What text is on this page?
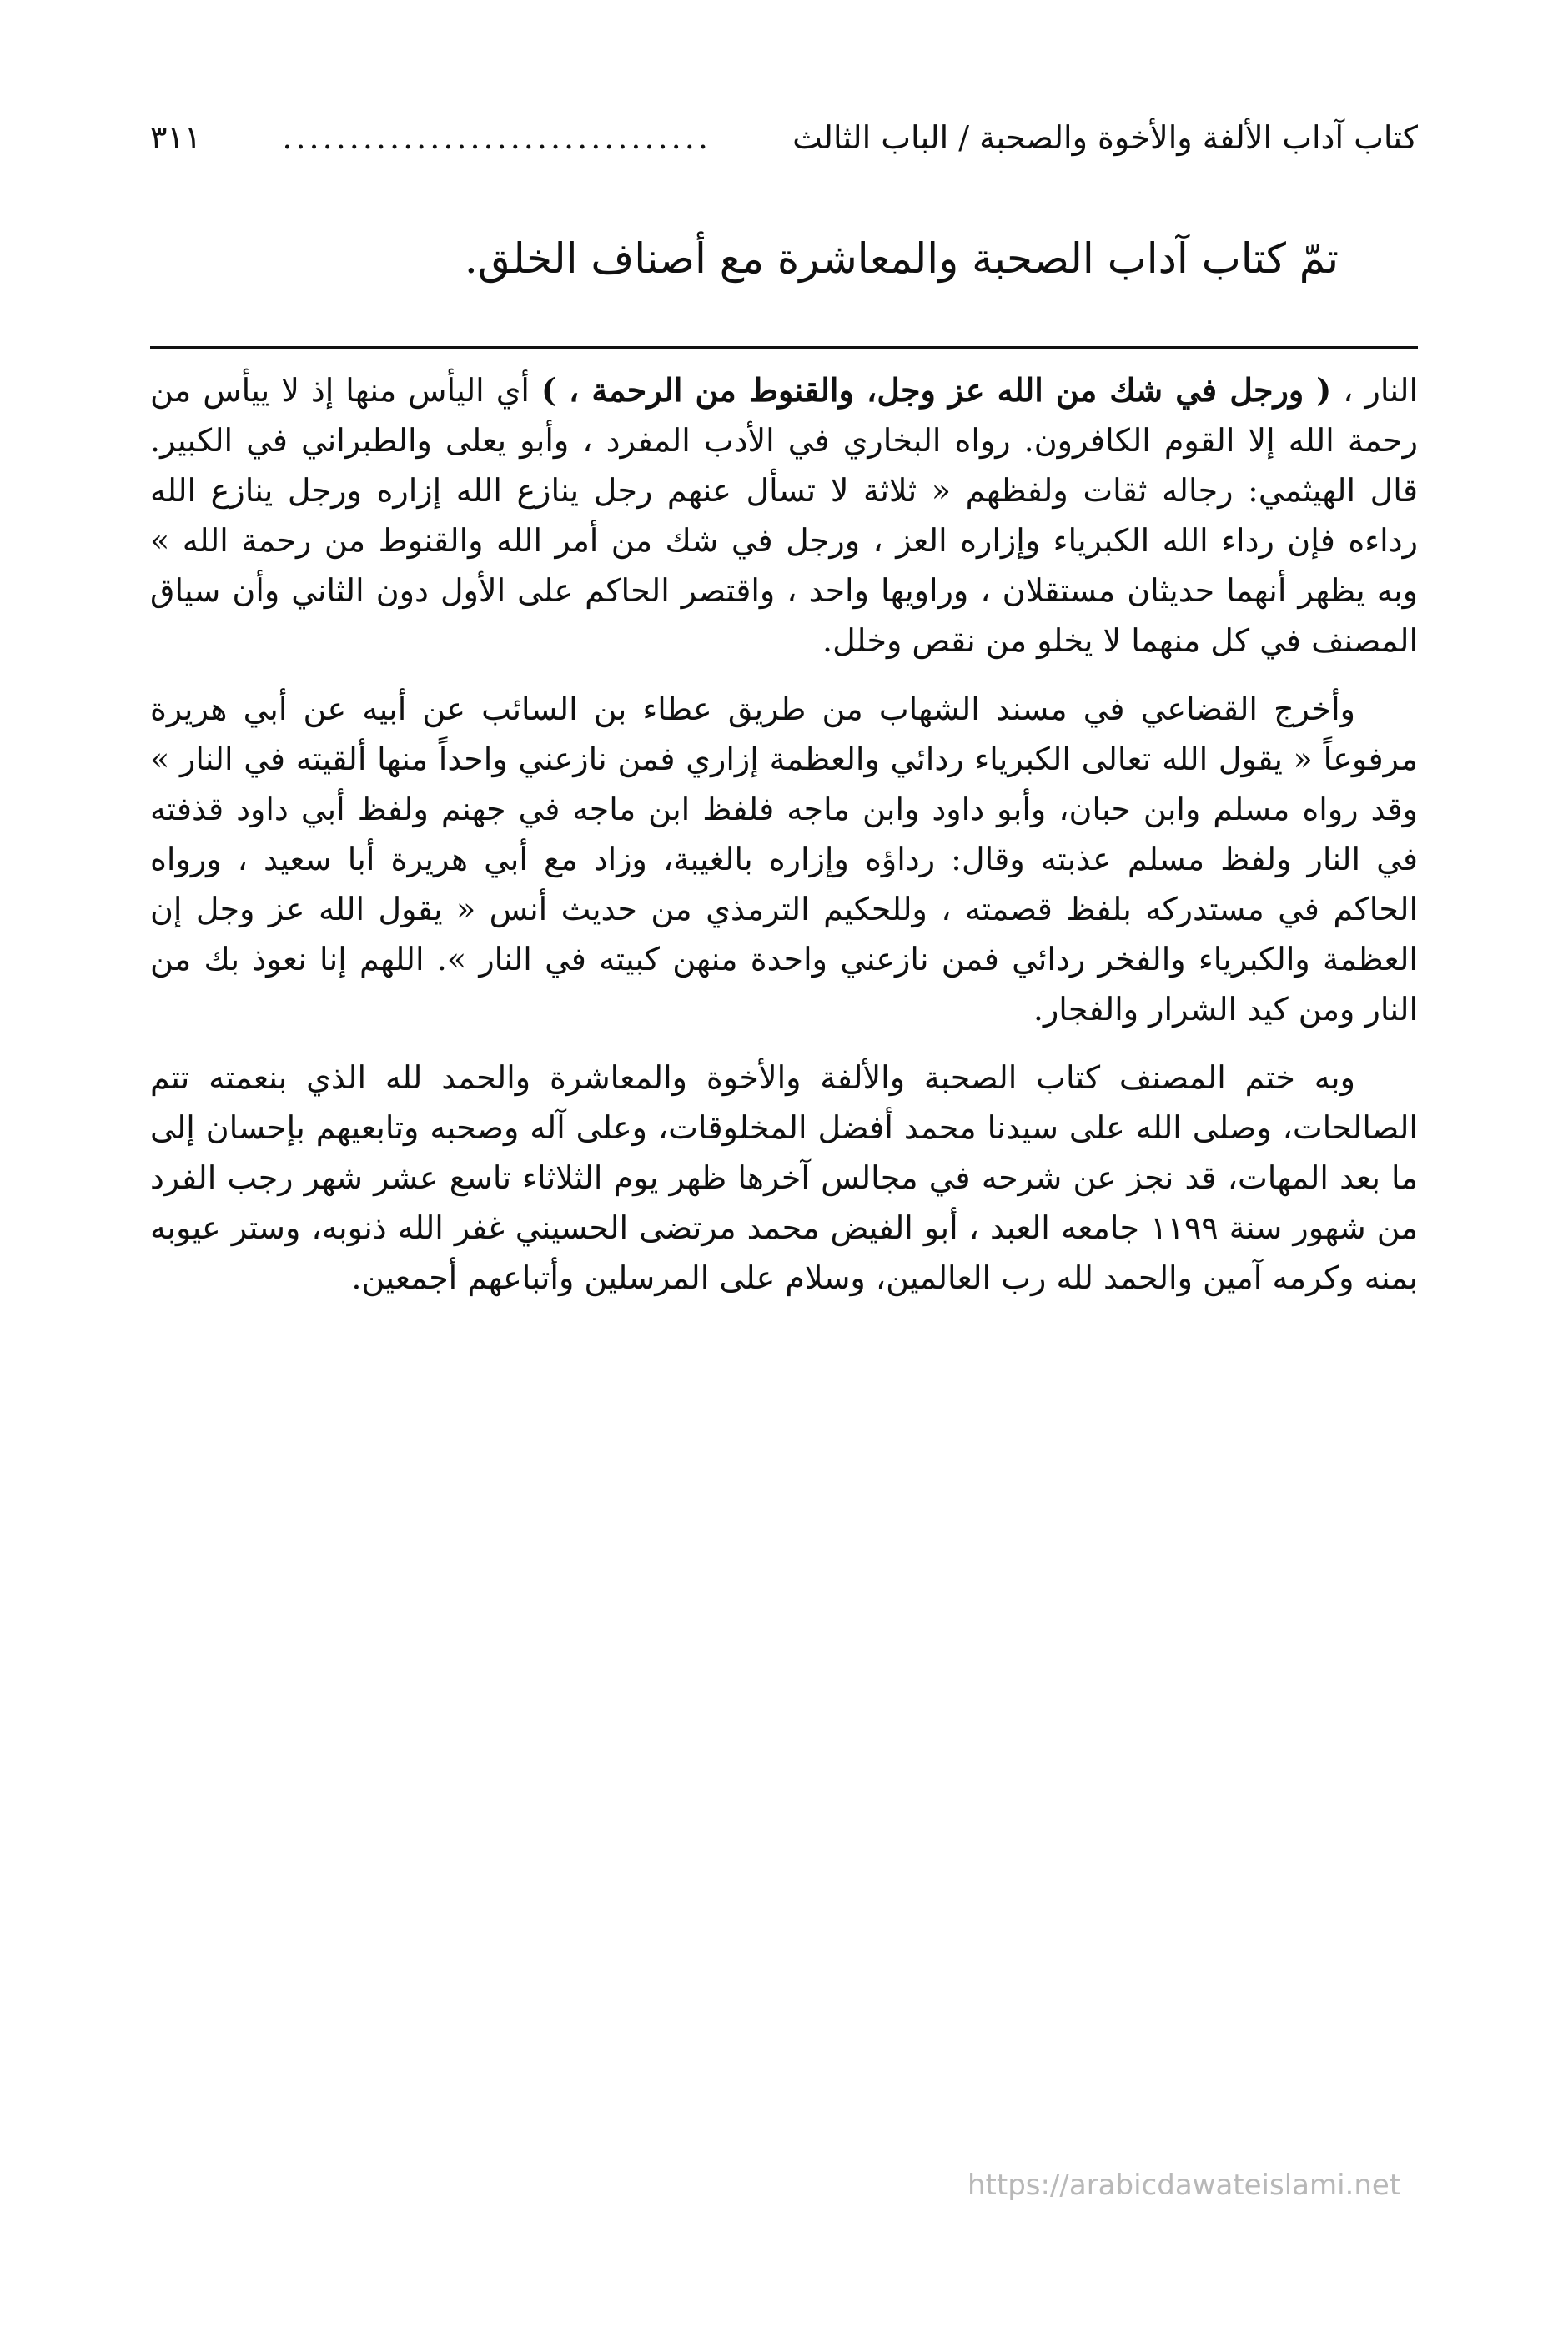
كتاب آداب الألفة والأخوة والصحبة / الباب الثالث
................................
٣١١
تمّ كتاب آداب الصحبة والمعاشرة مع أصناف الخلق.

النار ، ( ورجل في شك من الله عز وجل، والقنوط من الرحمة ، ) أي اليأس منها إذ لا ييأس من رحمة الله إلا القوم الكافرون. رواه البخاري في الأدب المفرد ، وأبو يعلى والطبراني في الكبير. قال الهيثمي: رجاله ثقات ولفظهم « ثلاثة لا تسأل عنهم رجل ينازع الله إزاره ورجل ينازع الله رداءه فإن رداء الله الكبرياء وإزاره العز ، ورجل في شك من أمر الله والقنوط من رحمة الله » وبه يظهر أنهما حديثان مستقلان ، وراويها واحد ، واقتصر الحاكم على الأول دون الثاني وأن سياق المصنف في كل منهما لا يخلو من نقص وخلل.

وأخرج القضاعي في مسند الشهاب من طريق عطاء بن السائب عن أبيه عن أبي هريرة مرفوعاً « يقول الله تعالى الكبرياء ردائي والعظمة إزاري فمن نازعني واحداً منها ألقيته في النار » وقد رواه مسلم وابن حبان، وأبو داود وابن ماجه فلفظ ابن ماجه في جهنم ولفظ أبي داود قذفته في النار ولفظ مسلم عذبته وقال: رداؤه وإزاره بالغيبة، وزاد مع أبي هريرة أبا سعيد ، ورواه الحاكم في مستدركه بلفظ قصمته ، وللحكيم الترمذي من حديث أنس « يقول الله عز وجل إن العظمة والكبرياء والفخر ردائي فمن نازعني واحدة منهن كبيته في النار ». اللهم إنا نعوذ بك من النار ومن كيد الشرار والفجار.

وبه ختم المصنف كتاب الصحبة والألفة والأخوة والمعاشرة والحمد لله الذي بنعمته تتم الصالحات، وصلى الله على سيدنا محمد أفضل المخلوقات، وعلى آله وصحبه وتابعيهم بإحسان إلى ما بعد المهات، قد نجز عن شرحه في مجالس آخرها ظهر يوم الثلاثاء تاسع عشر شهر رجب الفرد من شهور سنة ١١٩٩ جامعه العبد ، أبو الفيض محمد مرتضى الحسيني غفر الله ذنوبه، وستر عيوبه بمنه وكرمه آمين والحمد لله رب العالمين، وسلام على المرسلين وأتباعهم أجمعين.

https://arabicdawateislami.net
